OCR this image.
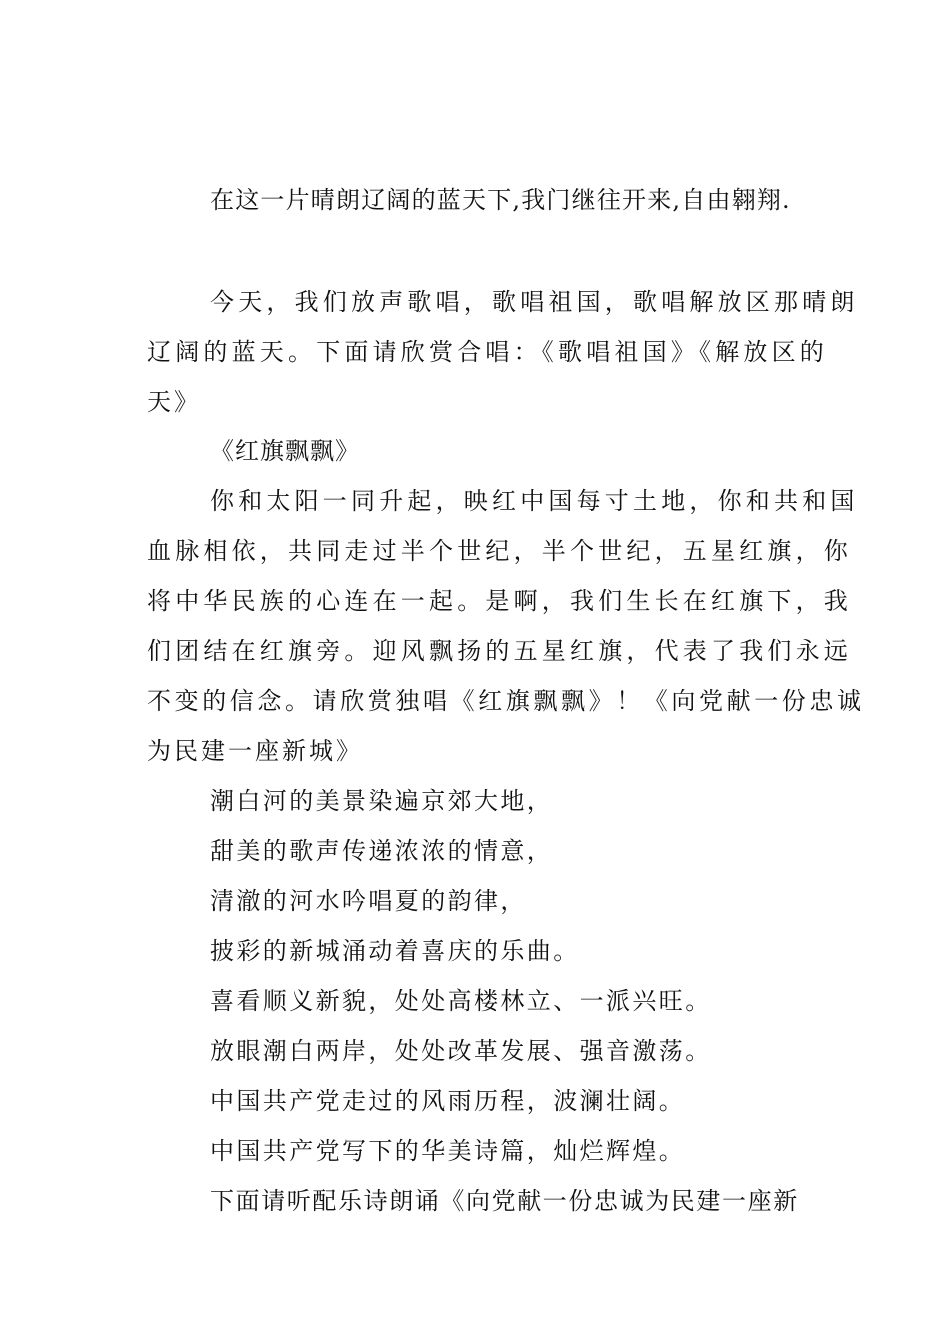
在这一片晴朗辽阔的蓝天下,我门继往开来,自由翱翔.
今天，我们放声歌唱，歌唱祖国，歌唱解放区那晴朗
辽阔的蓝天。下面请欣赏合唱：《歌唱祖国》《解放区的
天》
《红旗飘飘》
你和太阳一同升起，映红中国每寸土地，你和共和国
血脉相依，共同走过半个世纪，半个世纪，五星红旗，你
将中华民族的心连在一起。是啊，我们生长在红旗下，我
们团结在红旗旁。迎风飘扬的五星红旗，代表了我们永远
不变的信念。请欣赏独唱《红旗飘飘》！《向党献一份忠诚
为民建一座新城》
潮白河的美景染遍京郊大地，
甜美的歌声传递浓浓的情意，
清澈的河水吟唱夏的韵律，
披彩的新城涌动着喜庆的乐曲。
喜看顺义新貌，处处高楼林立、一派兴旺。
放眼潮白两岸，处处改革发展、强音激荡。
中国共产党走过的风雨历程，波澜壮阔。
中国共产党写下的华美诗篇，灿烂辉煌。
下面请听配乐诗朗诵《向党献一份忠诚为民建一座新
